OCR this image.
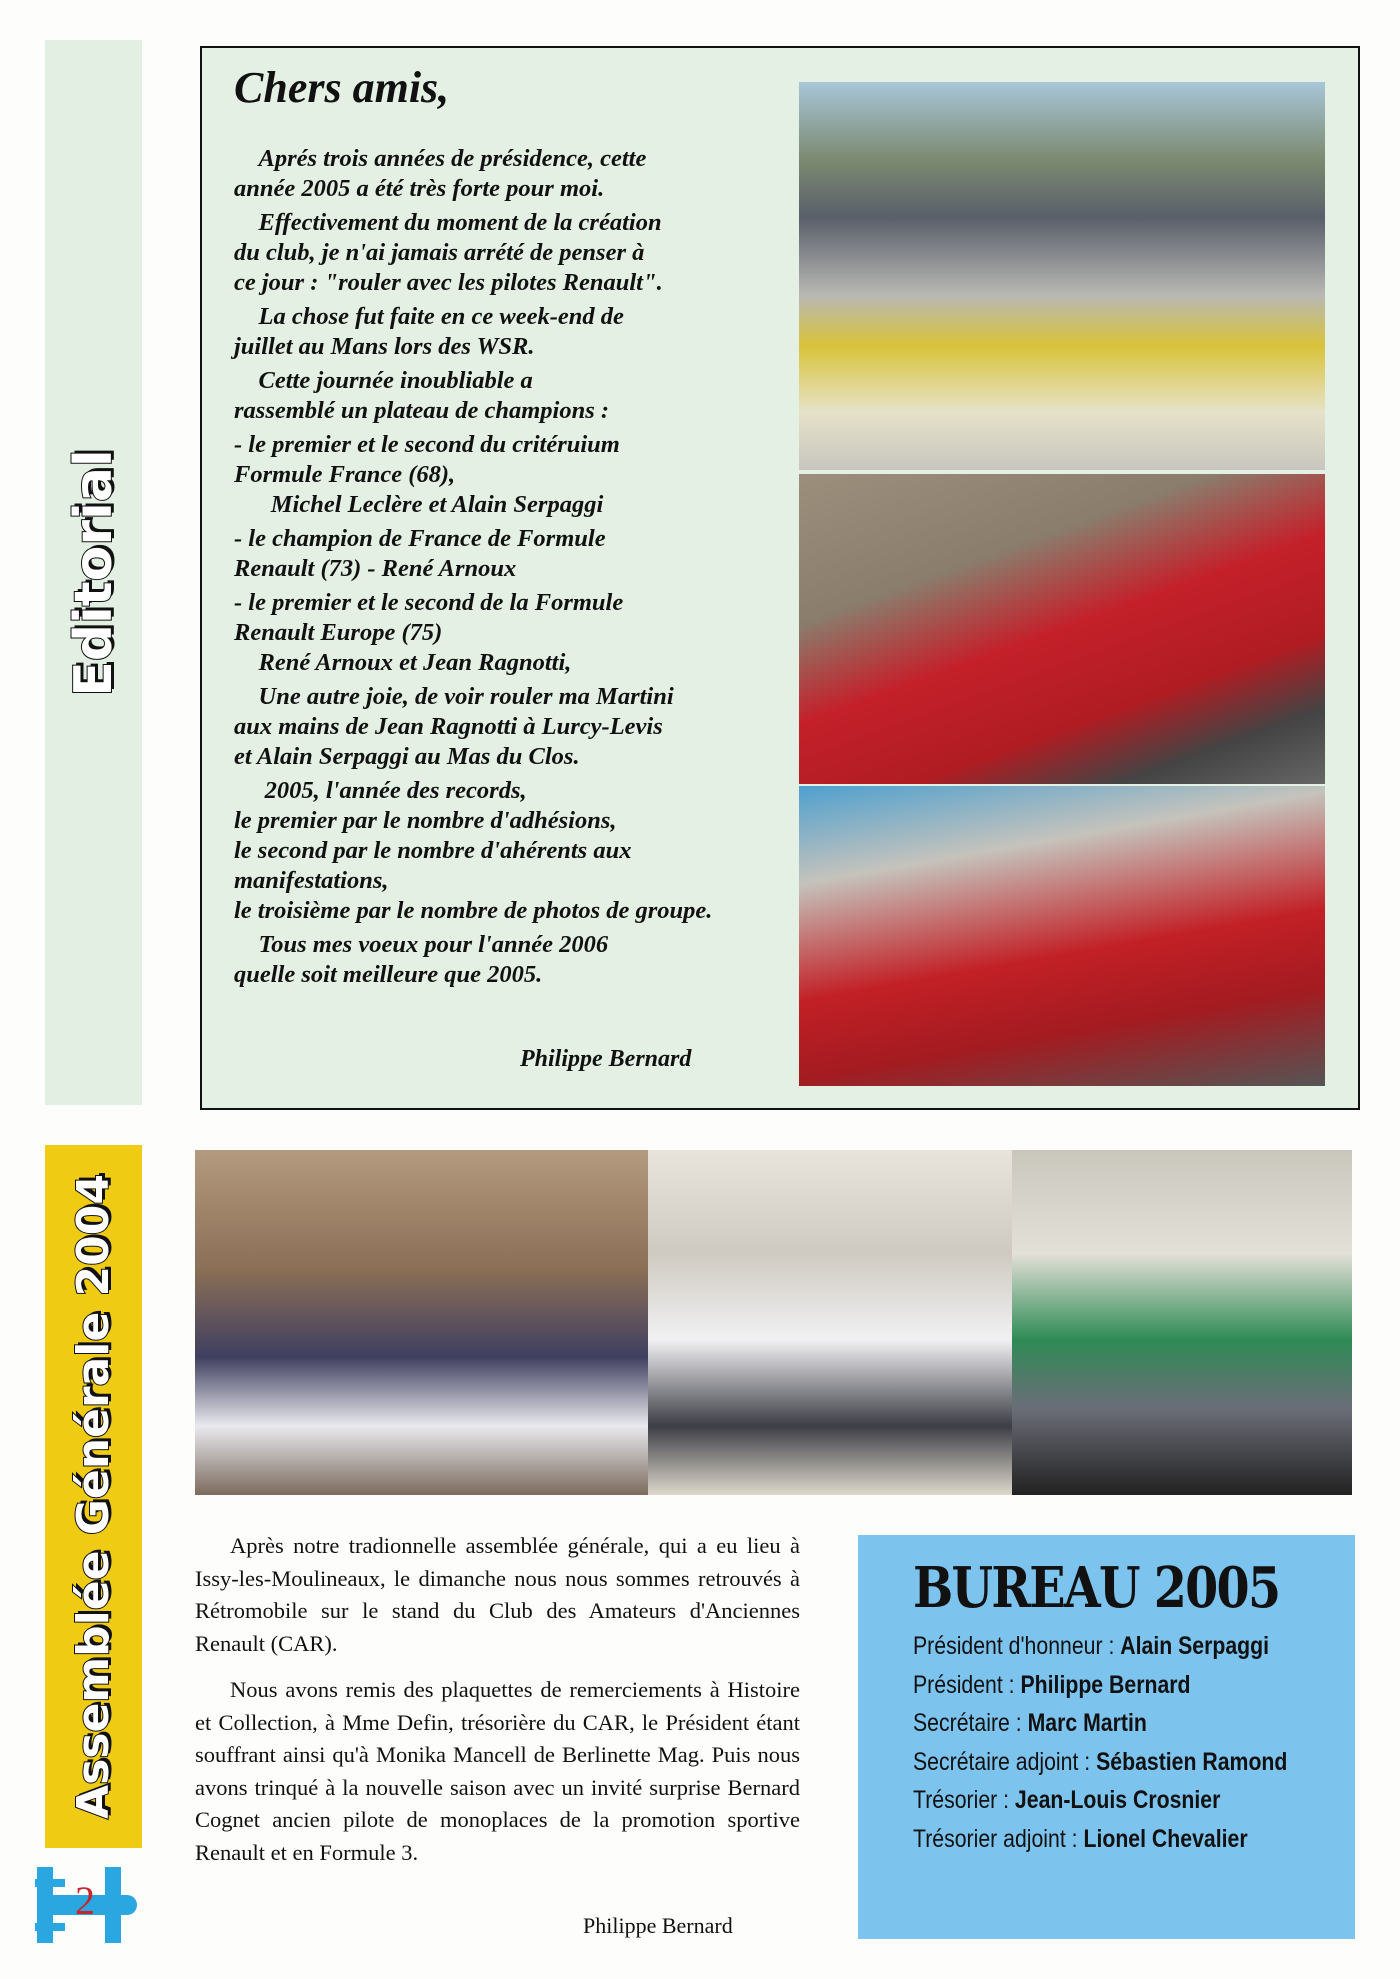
Editorial
Chers amis,
 Aprés trois années de présidence, cette
année 2005 a été très forte pour moi.
 Effectivement du moment de la création
du club, je n'ai jamais arrété de penser à
ce jour : "rouler avec les pilotes Renault".
 La chose fut faite en ce week-end de
juillet au Mans lors des WSR.
 Cette journée inoubliable a
rassemblé un plateau de champions :
- le premier et le second du critéruium
Formule France (68),
  Michel Leclère et Alain Serpaggi
- le champion de France de Formule
Renault (73) - René Arnoux
- le premier et le second de la Formule
Renault Europe (75)
 René Arnoux et Jean Ragnotti,
 Une autre joie, de voir rouler ma Martini
aux mains de Jean Ragnotti à Lurcy-Levis
et Alain Serpaggi au Mas du Clos.
  2005, l'année des records,
le premier par le nombre d'adhésions,
le second par le nombre d'ahérents aux
manifestations,
le troisième par le nombre de photos de groupe.
 Tous mes voeux pour l'année 2006
quelle soit meilleure que 2005.
Philippe Bernard
Assemblée Générale 2004	Après notre tradionnelle assemblée générale, qui a eu lieu à Issy-les-Moulineaux, le dimanche nous nous sommes retrouvés à Rétromobile sur le stand du Club des Amateurs d'Anciennes Renault (CAR).

Nous avons remis des plaquettes de remerciements à Histoire et Collection, à Mme Defin, trésorière du CAR, le Président étant souffrant ainsi qu'à Monika Mancell de Berlinette Mag. Puis nous avons trinqué à la nouvelle saison avec un invité surprise Bernard Cognet ancien pilote de monoplaces de la promotion sportive Renault et en Formule 3.

Philippe Bernard
BUREAU 2005
Président d'honneur : Alain Serpaggi
Président : Philippe Bernard
Secrétaire : Marc Martin
Secrétaire adjoint : Sébastien Ramond
Trésorier : Jean-Louis Crosnier
Trésorier adjoint : Lionel Chevalier
2
